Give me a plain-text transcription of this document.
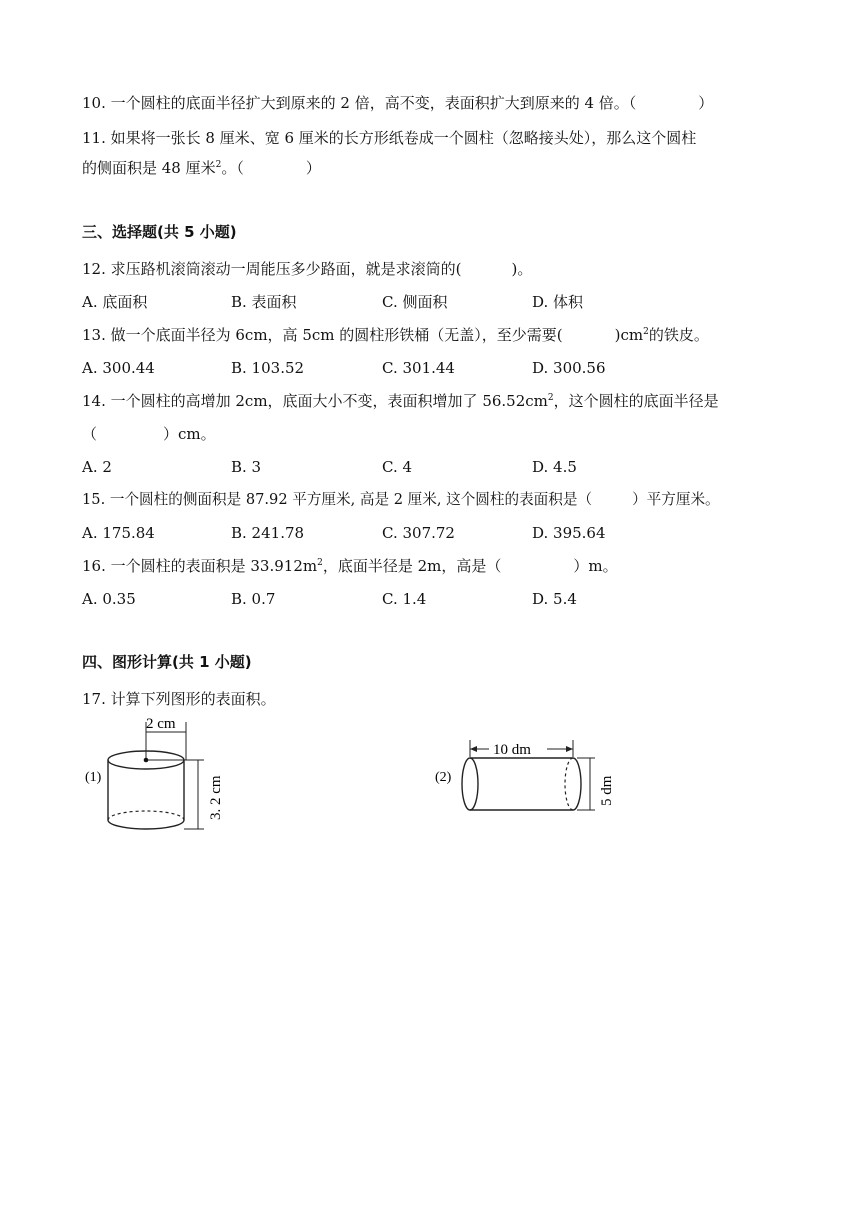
10. 一个圆柱的底面半径扩大到原来的 2 倍，高不变，表面积扩大到原来的 4 倍。（	）
11. 如果将一张长 8 厘米、宽 6 厘米的长方形纸卷成一个圆柱（忽略接头处），那么这个圆柱
的侧面积是 48 厘米$^2$。（	）
三、选择题(共 5 小题)
12. 求压路机滚筒滚动一周能压多少路面，就是求滚筒的(	)。
A. 底面积	B. 表面积	C. 侧面积	D. 体积
13. 做一个底面半径为 6cm，高 5cm 的圆柱形铁桶（无盖），至少需要(	)$cm^2$的铁皮。
A. 300.44	B. 103.52	C. 301.44	D. 300.56
14. 一个圆柱的高增加 2cm，底面大小不变，表面积增加了 $56.52cm^2$，这个圆柱的底面半径是
（	）cm。
A. 2	B. 3	C. 4	D. 4.5
15. 一个圆柱的侧面积是 87.92 平方厘米, 高是 2 厘米, 这个圆柱的表面积是（	）平方厘米。
A. 175.84	B. 241.78	C. 307.72	D. 395.64
16. 一个圆柱的表面积是 $33.912m^2$，底面半径是 2m，高是（	）m。
A. 0.35	B. 0.7	C. 1.4	D. 5.4
四、图形计算(共 1 小题)
17. 计算下列图形的表面积。
(1)
2 cm
3. 2 cm	(2)
10 dm
5 dm
